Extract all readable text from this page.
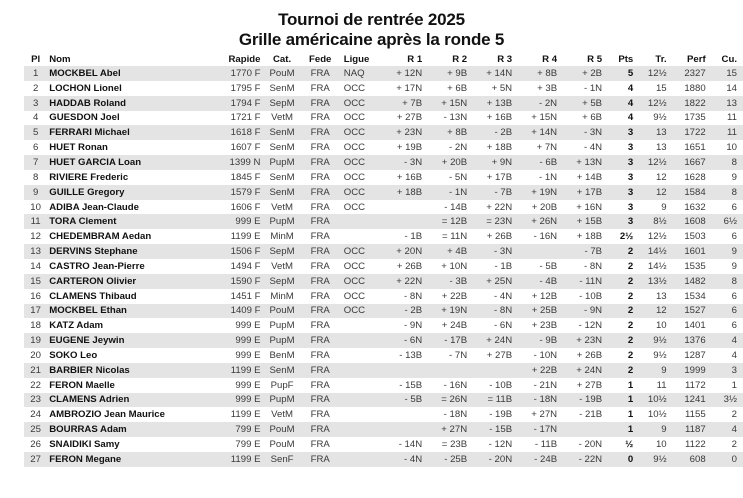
Tournoi de rentrée 2025
Grille américaine après la ronde 5
Pl	Nom	Rapide	Cat.	Fede	Ligue	R 1	R 2	R 3	R 4	R 5	Pts	Tr.	Perf	Cu.
1	MOCKBEL Abel	1770 F	PouM	FRA	NAQ	+ 12N	+ 9B	+ 14N	+ 8B	+ 2B	5	12½	2327	15
2	LOCHON Lionel	1795 F	SenM	FRA	OCC	+ 17N	+ 6B	+ 5N	+ 3B	- 1N	4	15	1880	14
3	HADDAB Roland	1794 F	SepM	FRA	OCC	+ 7B	+ 15N	+ 13B	- 2N	+ 5B	4	12½	1822	13
4	GUESDON Joel	1721 F	VetM	FRA	OCC	+ 27B	- 13N	+ 16B	+ 15N	+ 6B	4	9½	1735	11
5	FERRARI Michael	1618 F	SenM	FRA	OCC	+ 23N	+ 8B	- 2B	+ 14N	- 3N	3	13	1722	11
6	HUET Ronan	1607 F	SenM	FRA	OCC	+ 19B	- 2N	+ 18B	+ 7N	- 4N	3	13	1651	10
7	HUET GARCIA Loan	1399 N	PupM	FRA	OCC	- 3N	+ 20B	+ 9N	- 6B	+ 13N	3	12½	1667	8
8	RIVIERE Frederic	1845 F	SenM	FRA	OCC	+ 16B	- 5N	+ 17B	- 1N	+ 14B	3	12	1628	9
9	GUILLE Gregory	1579 F	SenM	FRA	OCC	+ 18B	- 1N	- 7B	+ 19N	+ 17B	3	12	1584	8
10	ADIBA Jean-Claude	1606 F	VetM	FRA	OCC		- 14B	+ 22N	+ 20B	+ 16N	3	9	1632	6
11	TORA Clement	999 E	PupM	FRA			= 12B	= 23N	+ 26N	+ 15B	3	8½	1608	6½
12	CHEDEMBRAM Aedan	1199 E	MinM	FRA		- 1B	= 11N	+ 26B	- 16N	+ 18B	2½	12½	1503	6
13	DERVINS Stephane	1506 F	SepM	FRA	OCC	+ 20N	+ 4B	- 3N		- 7B	2	14½	1601	9
14	CASTRO Jean-Pierre	1494 F	VetM	FRA	OCC	+ 26B	+ 10N	- 1B	- 5B	- 8N	2	14½	1535	9
15	CARTERON Olivier	1590 F	SepM	FRA	OCC	+ 22N	- 3B	+ 25N	- 4B	- 11N	2	13½	1482	8
16	CLAMENS Thibaud	1451 F	MinM	FRA	OCC	- 8N	+ 22B	- 4N	+ 12B	- 10B	2	13	1534	6
17	MOCKBEL Ethan	1409 F	PouM	FRA	OCC	- 2B	+ 19N	- 8N	+ 25B	- 9N	2	12	1527	6
18	KATZ Adam	999 E	PupM	FRA		- 9N	+ 24B	- 6N	+ 23B	- 12N	2	10	1401	6
19	EUGENE Jeywin	999 E	PupM	FRA		- 6N	- 17B	+ 24N	- 9B	+ 23N	2	9½	1376	4
20	SOKO Leo	999 E	BenM	FRA		- 13B	- 7N	+ 27B	- 10N	+ 26B	2	9½	1287	4
21	BARBIER Nicolas	1199 E	SenM	FRA					+ 22B	+ 24N	2	9	1999	3
22	FERON Maelle	999 E	PupF	FRA		- 15B	- 16N	- 10B	- 21N	+ 27B	1	11	1172	1
23	CLAMENS Adrien	999 E	PupM	FRA		- 5B	= 26N	= 11B	- 18N	- 19B	1	10½	1241	3½
24	AMBROZIO Jean Maurice	1199 E	VetM	FRA			- 18N	- 19B	+ 27N	- 21B	1	10½	1155	2
25	BOURRAS Adam	799 E	PouM	FRA			+ 27N	- 15B	- 17N		1	9	1187	4
26	SNAIDIKI Samy	799 E	PouM	FRA		- 14N	= 23B	- 12N	- 11B	- 20N	½	10	1122	2
27	FERON Megane	1199 E	SenF	FRA		- 4N	- 25B	- 20N	- 24B	- 22N	0	9½	608	0
